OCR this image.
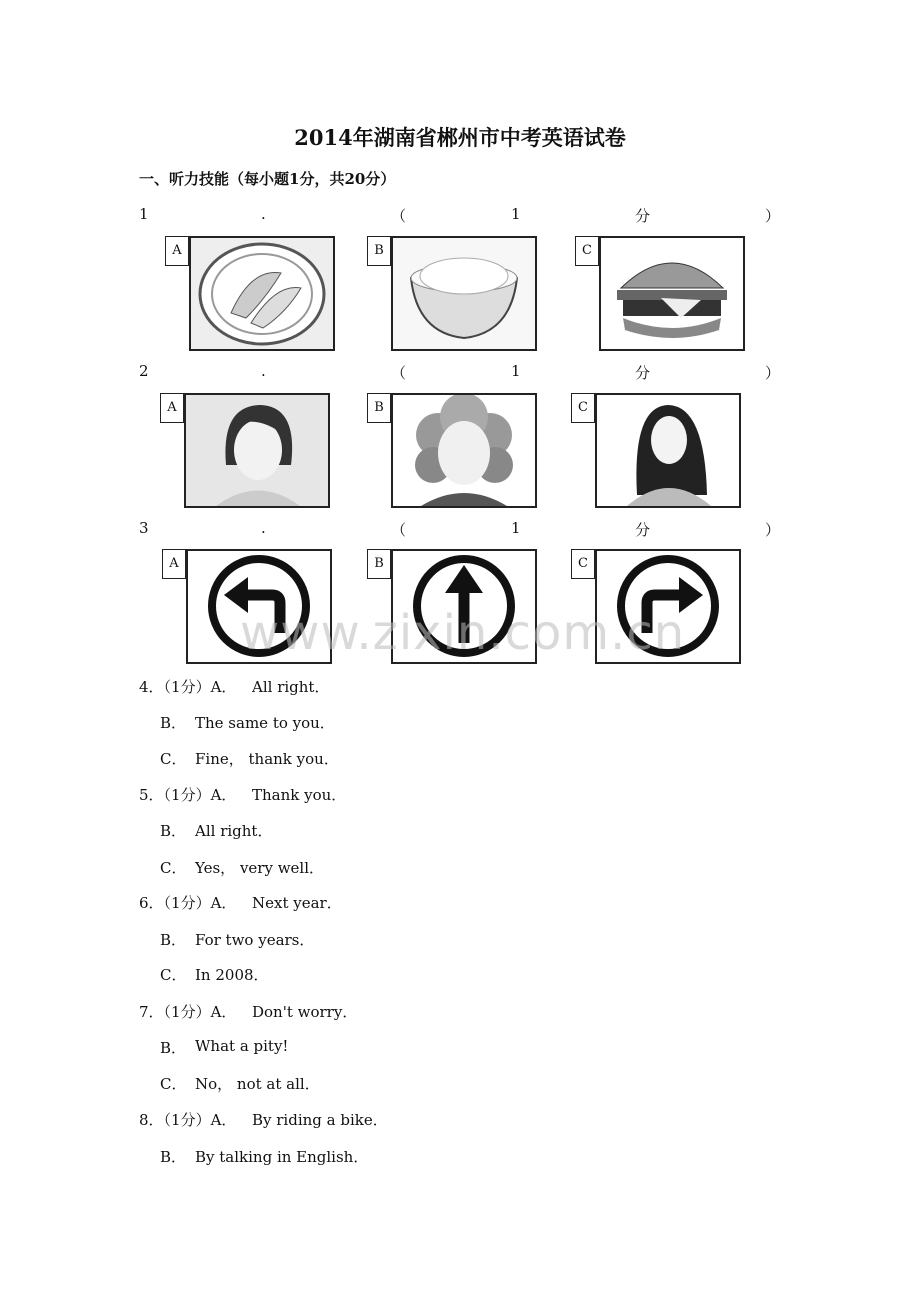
2014年湖南省郴州市中考英语试卷
一、听力技能（每小题1分，共20分）
1	.	（	1	分	）
A	B	C
2	.	（	1	分	）
A	B	C
3	.	（	1	分	）
A	B	C
www.zixin.com.cn
4．（1分）A． All right．
B． The same to you．
C． Fine， thank you．
5．（1分）A． Thank you．
B． All right．
C． Yes， very well．
6．（1分）A． Next year．
B． For two years．
C． In 2008．
7．（1分）A． Don't worry．
B． What a pity!
C． No， not at all．
8．（1分）A． By riding a bike．
B． By talking in English．
